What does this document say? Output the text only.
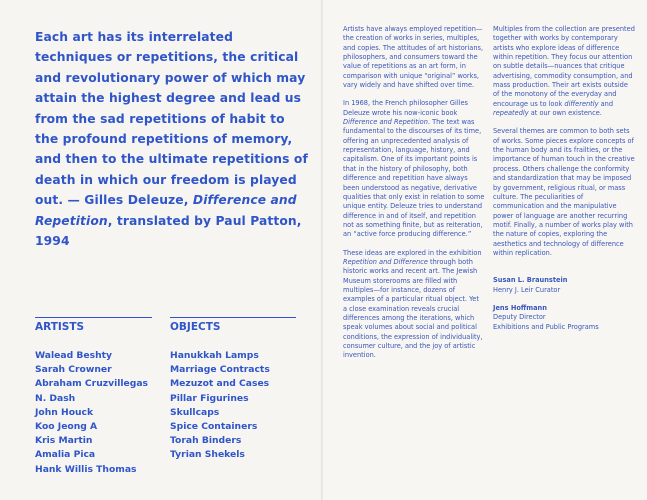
Each art has its interrelated techniques or repetitions, the critical and revolutionary power of which may attain the highest degree and lead us from the sad repetitions of habit to the profound repetitions of memory, and then to the ultimate repetitions of death in which our freedom is played out. — Gilles Deleuze, Difference and Repetition, translated by Paul Patton, 1994
ARTISTS
Walead Beshty
Sarah Crowner
Abraham Cruzvillegas
N. Dash
John Houck
Koo Jeong A
Kris Martin
Amalia Pica
Hank Willis Thomas
OBJECTS
Hanukkah Lamps
Marriage Contracts
Mezuzot and Cases
Pillar Figurines
Skullcaps
Spice Containers
Torah Binders
Tyrian Shekels

Artists have always employed repetition—the creation of works in series, multiples, and copies. The attitudes of art historians, philosophers, and consumers toward the value of repetitions as an art form, in comparison with unique “original” works, vary widely and have shifted over time.

In 1968, the French philosopher Gilles Deleuze wrote his now-iconic book Difference and Repetition. The text was fundamental to the discourses of its time, offering an unprecedented analysis of representation, language, history, and capitalism. One of its important points is that in the history of philosophy, both difference and repetition have always been understood as negative, derivative qualities that only exist in relation to some unique entity. Deleuze tries to understand difference in and of itself, and repetition not as something finite, but as reiteration, an “active force producing difference.”

These ideas are explored in the exhibition Repetition and Difference through both historic works and recent art. The Jewish Museum storerooms are filled with multiples—for instance, dozens of examples of a particular ritual object. Yet a close examination reveals crucial differences among the iterations, which speak volumes about social and political conditions, the expression of individuality, consumer culture, and the joy of artistic invention.

Multiples from the collection are presented together with works by contemporary artists who explore ideas of difference within repetition. They focus our attention on subtle details—nuances that critique advertising, commodity consumption, and mass production. Their art exists outside of the monotony of the everyday and encourage us to look differently and repeatedly at our own existence.

Several themes are common to both sets of works. Some pieces explore concepts of the human body and its frailties, or the importance of human touch in the creative process. Others challenge the conformity and standardization that may be imposed by government, religious ritual, or mass culture. The peculiarities of communication and the manipulative power of language are another recurring motif. Finally, a number of works play with the nature of copies, exploring the aesthetics and technology of difference within replication.

Susan L. Braunstein
Henry J. Leir Curator
Jens Hoffmann
Deputy Director
Exhibitions and Public Programs
